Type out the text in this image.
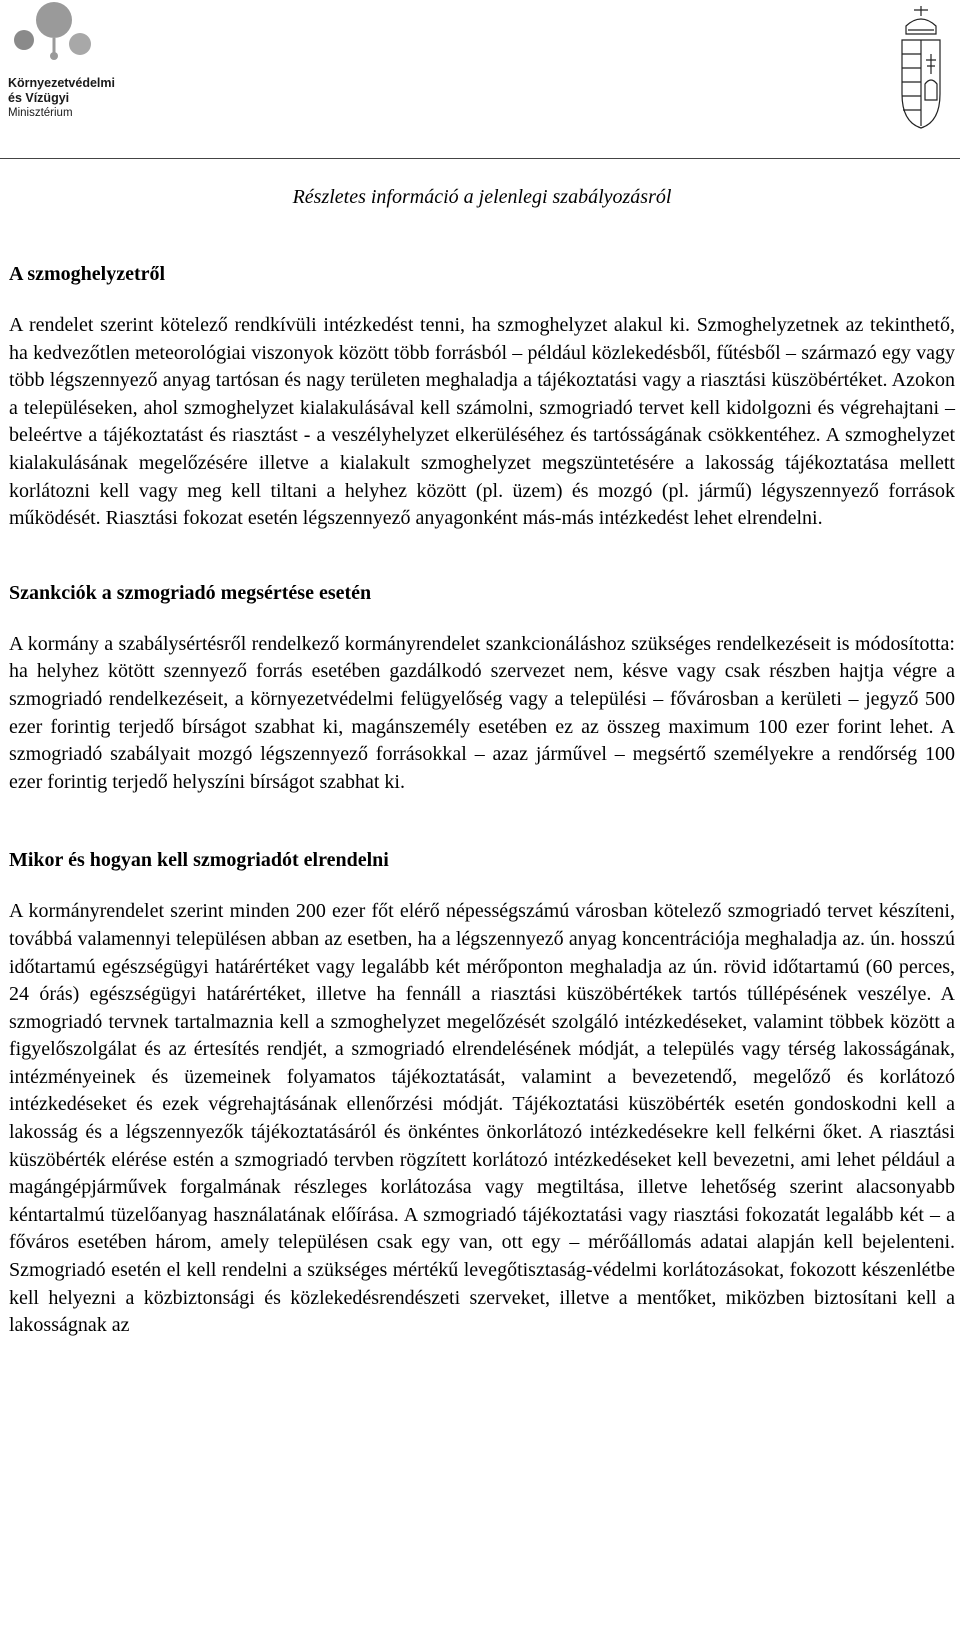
Környezetvédelmi
és Vízügyi
Minisztérium
Részletes információ a jelenlegi szabályozásról
A szmoghelyzetről

A rendelet szerint kötelező rendkívüli intézkedést tenni, ha szmoghelyzet alakul ki. Szmoghelyzetnek az tekinthető, ha kedvezőtlen meteorológiai viszonyok között több forrásból – például közlekedésből, fűtésből – származó egy vagy több légszennyező anyag tartósan és nagy területen meghaladja a tájékoztatási vagy a riasztási küszöbértéket. Azokon a településeken, ahol szmoghelyzet kialakulásával kell számolni, szmogriadó tervet kell kidolgozni és végrehajtani – beleértve a tájékoztatást és riasztást - a veszélyhelyzet elkerüléséhez és tartósságának csökkentéhez. A szmoghelyzet kialakulásának megelőzésére illetve a kialakult szmoghelyzet megszüntetésére a lakosság tájékoztatása mellett korlátozni kell vagy meg kell tiltani a helyhez között (pl. üzem) és mozgó (pl. jármű) légyszennyező források működését. Riasztási fokozat esetén légszennyező anyagonként más-más intézkedést lehet elrendelni.

Szankciók a szmogriadó megsértése esetén

A kormány a szabálysértésről rendelkező kormányrendelet szankcionáláshoz szükséges rendelkezéseit is módosította: ha helyhez kötött szennyező forrás esetében gazdálkodó szervezet nem, késve vagy csak részben hajtja végre a szmogriadó rendelkezéseit, a környezetvédelmi felügyelőség vagy a települési – fővárosban a kerületi – jegyző 500 ezer forintig terjedő bírságot szabhat ki, magánszemély esetében ez az összeg maximum 100 ezer forint lehet. A szmogriadó szabályait mozgó légszennyező forrásokkal – azaz járművel – megsértő személyekre a rendőrség 100 ezer forintig terjedő helyszíni bírságot szabhat ki.

Mikor és hogyan kell szmogriadót elrendelni

A kormányrendelet szerint minden 200 ezer főt elérő népességszámú városban kötelező szmogriadó tervet készíteni, továbbá valamennyi településen abban az esetben, ha a légszennyező anyag koncentrációja meghaladja az. ún. hosszú időtartamú egészségügyi határértéket vagy legalább két mérőponton meghaladja az ún. rövid időtartamú (60 perces, 24 órás) egészségügyi határértéket, illetve ha fennáll a riasztási küszöbértékek tartós túllépésének veszélye. A szmogriadó tervnek tartalmaznia kell a szmoghelyzet megelőzését szolgáló intézkedéseket, valamint többek között a figyelőszolgálat és az értesítés rendjét, a szmogriadó elrendelésének módját, a település vagy térség lakosságának, intézményeinek és üzemeinek folyamatos tájékoztatását, valamint a bevezetendő, megelőző és korlátozó intézkedéseket és ezek végrehajtásának ellenőrzési módját. Tájékoztatási küszöbérték esetén gondoskodni kell a lakosság és a légszennyezők tájékoztatásáról és önkéntes önkorlátozó intézkedésekre kell felkérni őket. A riasztási küszöbérték elérése estén a szmogriadó tervben rögzített korlátozó intézkedéseket kell bevezetni, ami lehet például a magángépjárművek forgalmának részleges korlátozása vagy megtiltása, illetve lehetőség szerint alacsonyabb kéntartalmú tüzelőanyag használatának előírása. A szmogriadó tájékoztatási vagy riasztási fokozatát legalább két – a főváros esetében három, amely településen csak egy van, ott egy – mérőállomás adatai alapján kell bejelenteni. Szmogriadó esetén el kell rendelni a szükséges mértékű levegőtisztaság-védelmi korlátozásokat, fokozott készenlétbe kell helyezni a közbiztonsági és közlekedésrendészeti szerveket, illetve a mentőket, miközben biztosítani kell a lakosságnak az
